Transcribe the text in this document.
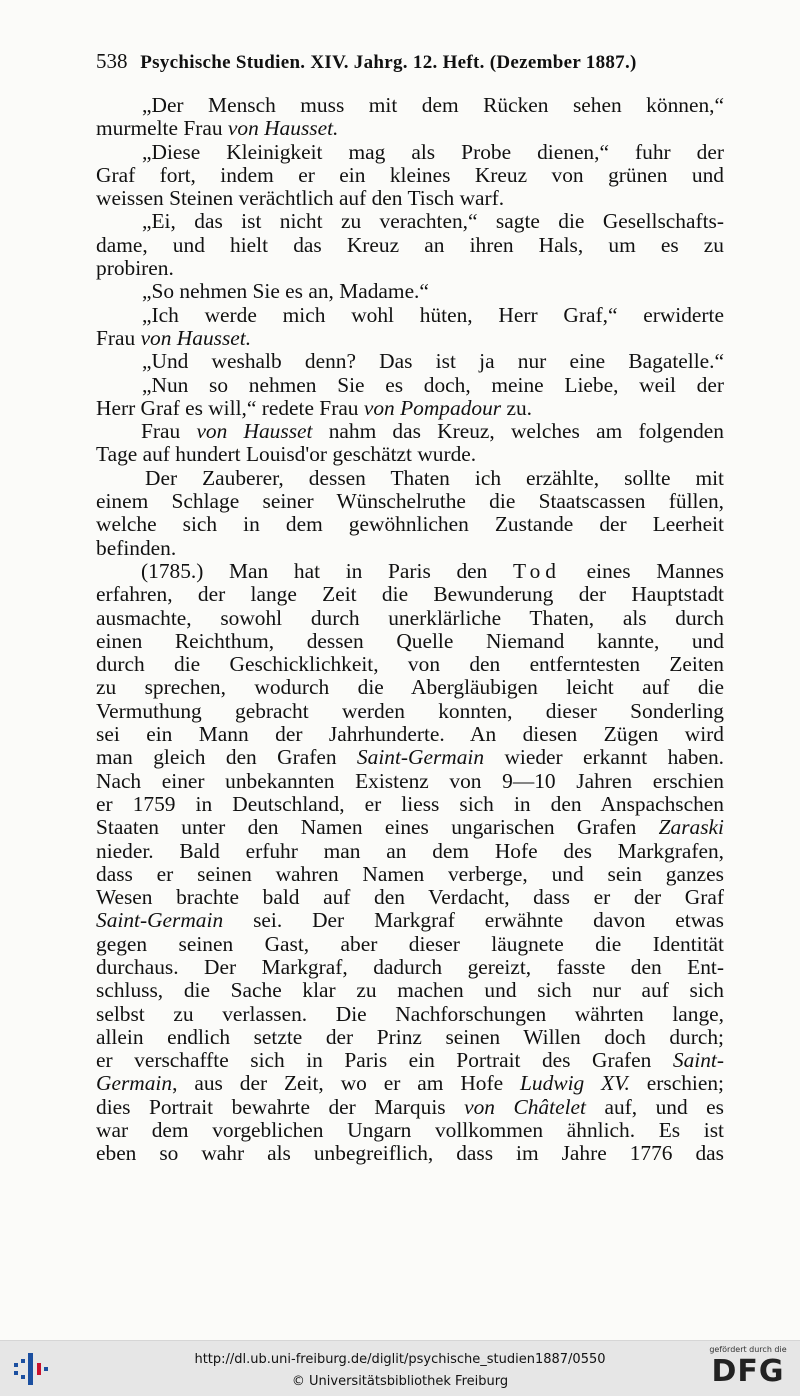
538 Psychische Studien. XIV. Jahrg. 12. Heft. (Dezember 1887.)
„Der Mensch muss mit dem Rücken sehen können,“
murmelte Frau von Hausset.
„Diese Kleinigkeit mag als Probe dienen,“ fuhr der
Graf fort, indem er ein kleines Kreuz von grünen und
weissen Steinen verächtlich auf den Tisch warf.
„Ei, das ist nicht zu verachten,“ sagte die Gesellschafts-
dame, und hielt das Kreuz an ihren Hals, um es zu
probiren.
„So nehmen Sie es an, Madame.“
„Ich werde mich wohl hüten, Herr Graf,“ erwiderte
Frau von Hausset.
„Und weshalb denn? Das ist ja nur eine Bagatelle.“
„Nun so nehmen Sie es doch, meine Liebe, weil der
Herr Graf es will,“ redete Frau von Pompadour zu.
Frau von Hausset nahm das Kreuz, welches am folgenden
Tage auf hundert Louisd'or geschätzt wurde.
Der Zauberer, dessen Thaten ich erzählte, sollte mit
einem Schlage seiner Wünschelruthe die Staatscassen füllen,
welche sich in dem gewöhnlichen Zustande der Leerheit
befinden.
(1785.) Man hat in Paris den Tod eines Mannes
erfahren, der lange Zeit die Bewunderung der Hauptstadt
ausmachte, sowohl durch unerklärliche Thaten, als durch
einen Reichthum, dessen Quelle Niemand kannte, und
durch die Geschicklichkeit, von den entferntesten Zeiten
zu sprechen, wodurch die Abergläubigen leicht auf die
Vermuthung gebracht werden konnten, dieser Sonderling
sei ein Mann der Jahrhunderte. An diesen Zügen wird
man gleich den Grafen Saint-Germain wieder erkannt haben.
Nach einer unbekannten Existenz von 9—10 Jahren erschien
er 1759 in Deutschland, er liess sich in den Anspachschen
Staaten unter den Namen eines ungarischen Grafen Zaraski
nieder. Bald erfuhr man an dem Hofe des Markgrafen,
dass er seinen wahren Namen verberge, und sein ganzes
Wesen brachte bald auf den Verdacht, dass er der Graf
Saint-Germain sei. Der Markgraf erwähnte davon etwas
gegen seinen Gast, aber dieser läugnete die Identität
durchaus. Der Markgraf, dadurch gereizt, fasste den Ent-
schluss, die Sache klar zu machen und sich nur auf sich
selbst zu verlassen. Die Nachforschungen währten lange,
allein endlich setzte der Prinz seinen Willen doch durch;
er verschaffte sich in Paris ein Portrait des Grafen Saint-
Germain, aus der Zeit, wo er am Hofe Ludwig XV. erschien;
dies Portrait bewahrte der Marquis von Châtelet auf, und es
war dem vorgeblichen Ungarn vollkommen ähnlich. Es ist
eben so wahr als unbegreiflich, dass im Jahre 1776 das
http://dl.ub.uni-freiburg.de/diglit/psychische_studien1887/0550
© Universitätsbibliothek Freiburg
gefördert durch die
DFG
